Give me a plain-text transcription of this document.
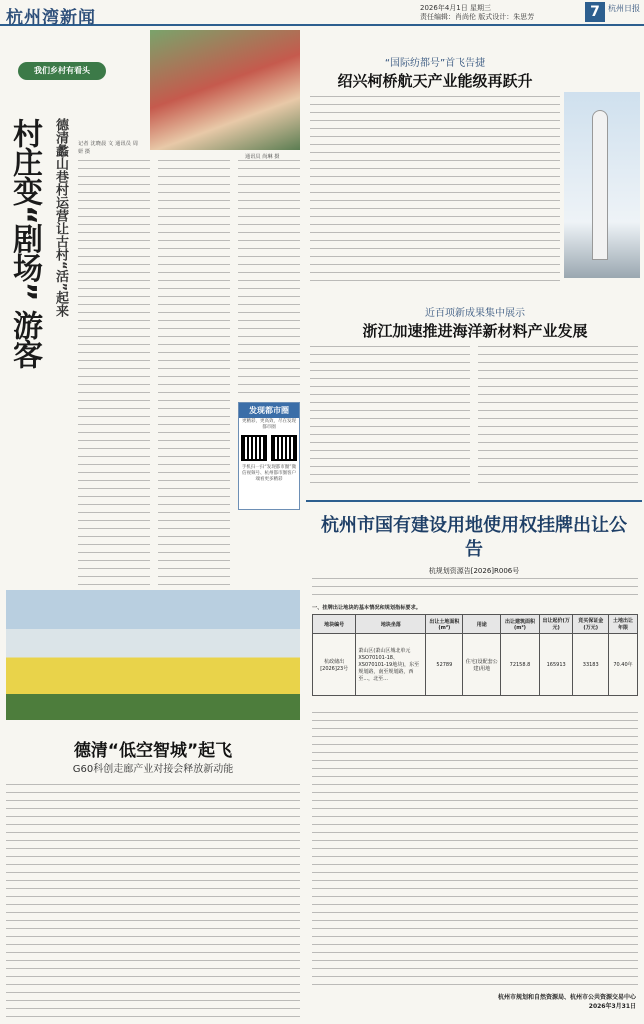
杭州湾新闻	2026年4月1日 星期三
责任编辑：肖尚伦 版式设计：朱思芳	7	杭州日报
我们乡村有看头
通讯员 尚琳 摄
村庄变“剧场” 游客
德清蠡山巷村运营让古村“活”起来	记者 沈晓晨 文 通讯员 周妍 摄
发现都市圈
更精彩，更高效，尽在发现都市圈
手机扫一扫“发现都市圈”微信视频号、杭州都市圈客户端看更多精彩
德清“低空智城”起飞
G60科创走廊产业对接会释放新动能
“国际纺都号”首飞告捷
绍兴柯桥航天产业能级再跃升
近百项新成果集中展示
浙江加速推进海洋新材料产业发展
杭州市国有建设用地使用权挂牌出让公告
杭规划资源告[2026]R006号
一、挂牌出让地块的基本情况和规划指标要求。
地块编号	地块坐落	出让土地面积(m²)	用途	出让建筑面积(m²)	出让起价(万元)	竞买保证金(万元)	土地出让年限
杭政储出[2026]23号	萧山区(萧山区城北单元XSO70101-18、XS070101-19地块)，东至规划路，南至规划路，西至...，北至...	52789	住宅(设配套公建)用地	72158.8	165913	33183	70.40年
杭州市规划和自然资源局、杭州市公共资源交易中心
2026年3月31日
